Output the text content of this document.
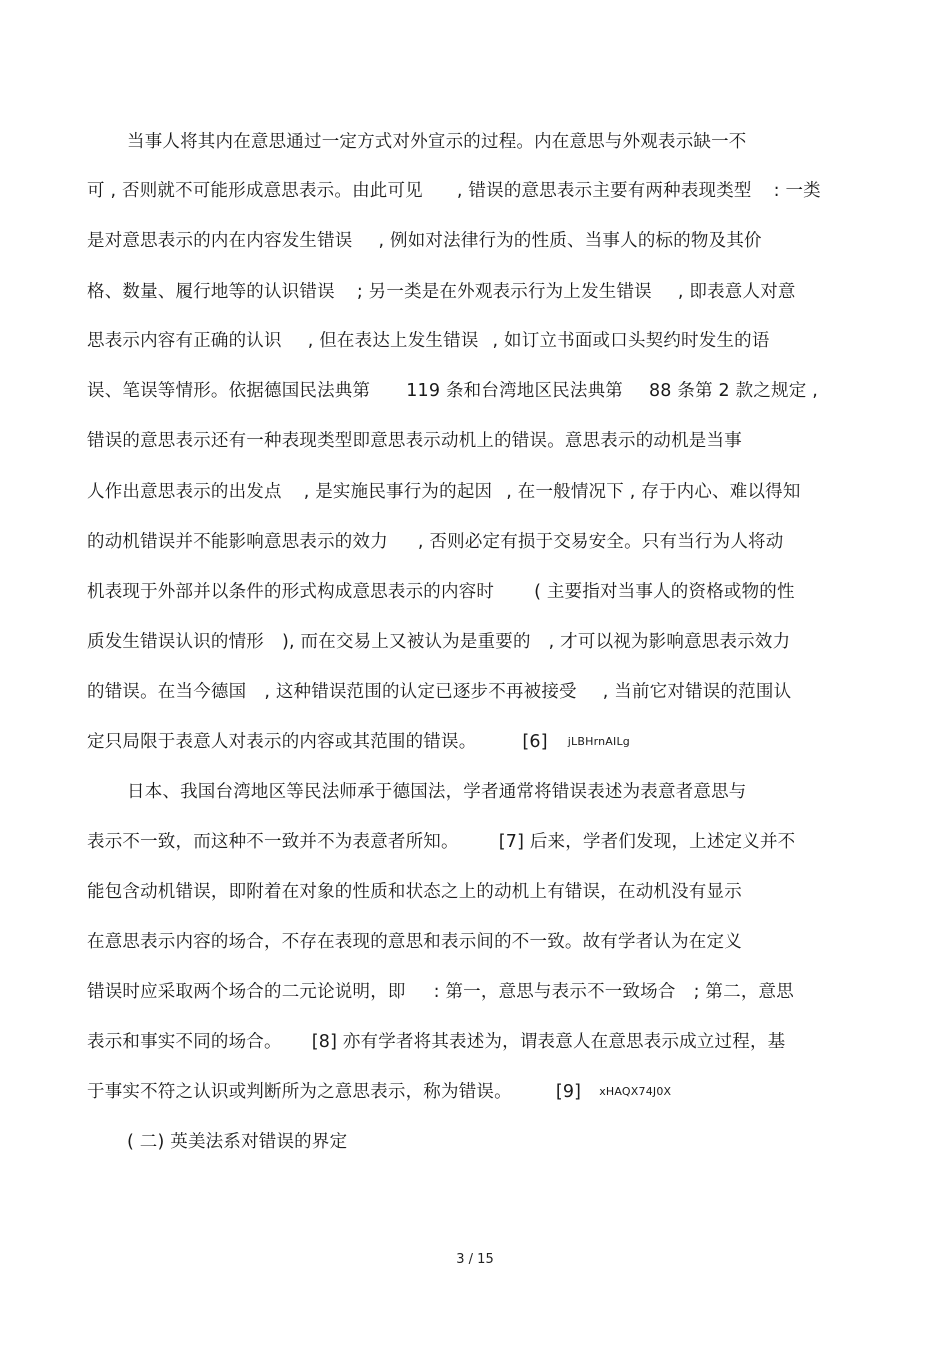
当事人将其内在意思通过一定方式对外宣示的过程。内在意思与外观表示缺一不
可 , 否则就不可能形成意思表示。由此可见 , 错误的意思表示主要有两种表现类型 : 一类
是对意思表示的内在内容发生错误 , 例如对法律行为的性质、当事人的标的物及其价
格、数量、履行地等的认识错误 ; 另一类是在外观表示行为上发生错误 , 即表意人对意
思表示内容有正确的认识 , 但在表达上发生错误 , 如订立书面或口头契约时发生的语
误、笔误等情形。依据德国民法典第 119 条和台湾地区民法典第 88 条第 2 款之规定 ,
错误的意思表示还有一种表现类型即意思表示动机上的错误。意思表示的动机是当事
人作出意思表示的出发点 , 是实施民事行为的起因 , 在一般情况下 , 存于内心、难以得知
的动机错误并不能影响意思表示的效力 , 否则必定有损于交易安全。只有当行为人将动
机表现于外部并以条件的形式构成意思表示的内容时 ( 主要指对当事人的资格或物的性
质发生错误认识的情形 ), 而在交易上又被认为是重要的 , 才可以视为影响意思表示效力
的错误。在当今德国 , 这种错误范围的认定已逐步不再被接受 , 当前它对错误的范围认
定只局限于表意人对表示的内容或其范围的错误。	[6] jLBHrnAILg
日本、我国台湾地区等民法师承于德国法，学者通常将错误表述为表意者意思与
表示不一致，而这种不一致并不为表意者所知。 [7] 后来，学者们发现，上述定义并不
能包含动机错误，即附着在对象的性质和状态之上的动机上有错误，在动机没有显示
在意思表示内容的场合，不存在表现的意思和表示间的不一致。故有学者认为在定义
错误时应采取两个场合的二元论说明，即 : 第一，意思与表示不一致场合 ; 第二，意思
表示和事实不同的场合。 [8] 亦有学者将其表述为，谓表意人在意思表示成立过程，基
于事实不符之认识或判断所为之意思表示，称为错误。	[9] xHAQX74J0X
( 二) 英美法系对错误的界定
3 / 15
